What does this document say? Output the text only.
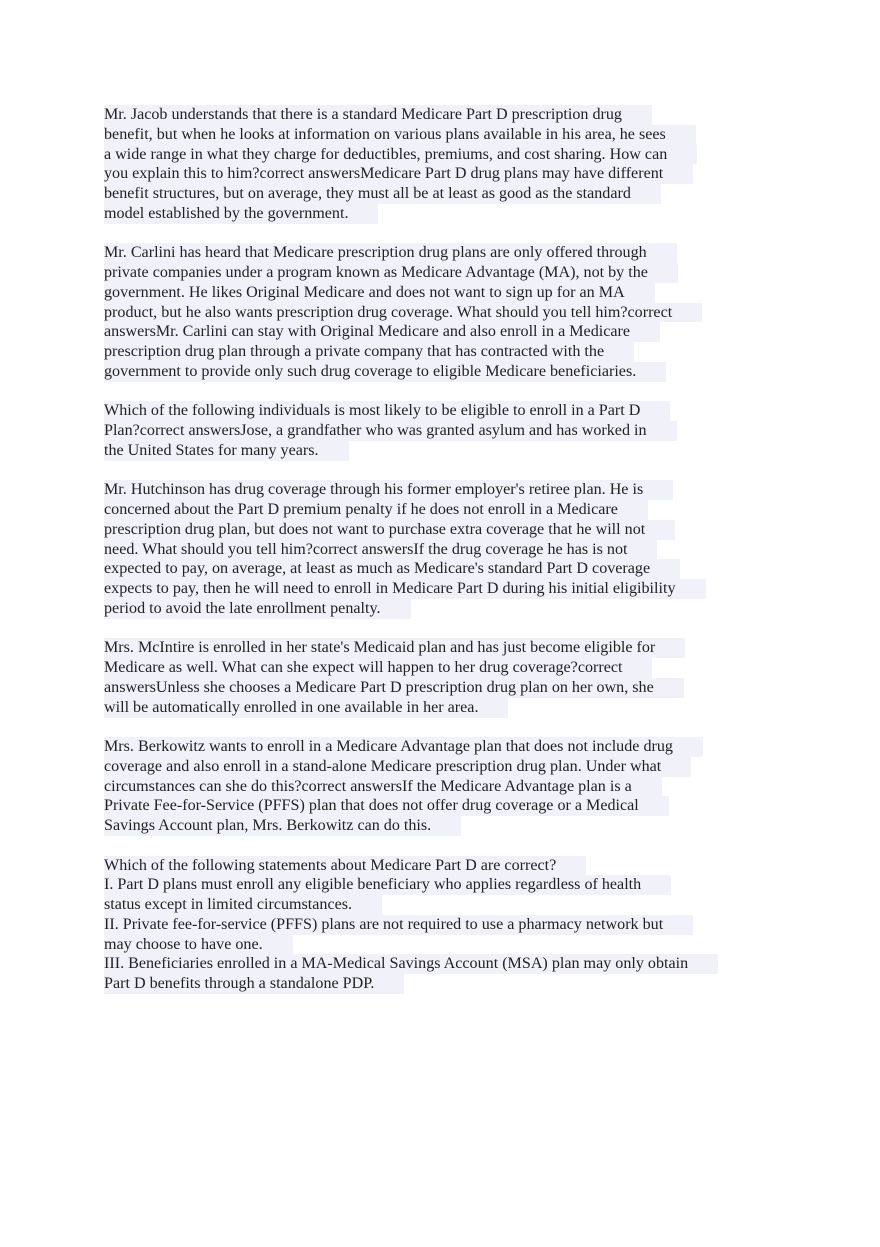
Mr. Jacob understands that there is a standard Medicare Part D prescription drug
benefit, but when he looks at information on various plans available in his area, he sees
a wide range in what they charge for deductibles, premiums, and cost sharing. How can
you explain this to him?correct answersMedicare Part D drug plans may have different
benefit structures, but on average, they must all be at least as good as the standard
model established by the government.
Mr. Carlini has heard that Medicare prescription drug plans are only offered through
private companies under a program known as Medicare Advantage (MA), not by the
government. He likes Original Medicare and does not want to sign up for an MA
product, but he also wants prescription drug coverage. What should you tell him?correct
answersMr. Carlini can stay with Original Medicare and also enroll in a Medicare
prescription drug plan through a private company that has contracted with the
government to provide only such drug coverage to eligible Medicare beneficiaries.
Which of the following individuals is most likely to be eligible to enroll in a Part D
Plan?correct answersJose, a grandfather who was granted asylum and has worked in
the United States for many years.
Mr. Hutchinson has drug coverage through his former employer's retiree plan. He is
concerned about the Part D premium penalty if he does not enroll in a Medicare
prescription drug plan, but does not want to purchase extra coverage that he will not
need. What should you tell him?correct answersIf the drug coverage he has is not
expected to pay, on average, at least as much as Medicare's standard Part D coverage
expects to pay, then he will need to enroll in Medicare Part D during his initial eligibility
period to avoid the late enrollment penalty.
Mrs. McIntire is enrolled in her state's Medicaid plan and has just become eligible for
Medicare as well. What can she expect will happen to her drug coverage?correct
answersUnless she chooses a Medicare Part D prescription drug plan on her own, she
will be automatically enrolled in one available in her area.
Mrs. Berkowitz wants to enroll in a Medicare Advantage plan that does not include drug
coverage and also enroll in a stand-alone Medicare prescription drug plan. Under what
circumstances can she do this?correct answersIf the Medicare Advantage plan is a
Private Fee-for-Service (PFFS) plan that does not offer drug coverage or a Medical
Savings Account plan, Mrs. Berkowitz can do this.
Which of the following statements about Medicare Part D are correct?
I. Part D plans must enroll any eligible beneficiary who applies regardless of health
status except in limited circumstances.
II. Private fee-for-service (PFFS) plans are not required to use a pharmacy network but
may choose to have one.
III. Beneficiaries enrolled in a MA-Medical Savings Account (MSA) plan may only obtain
Part D benefits through a standalone PDP.
